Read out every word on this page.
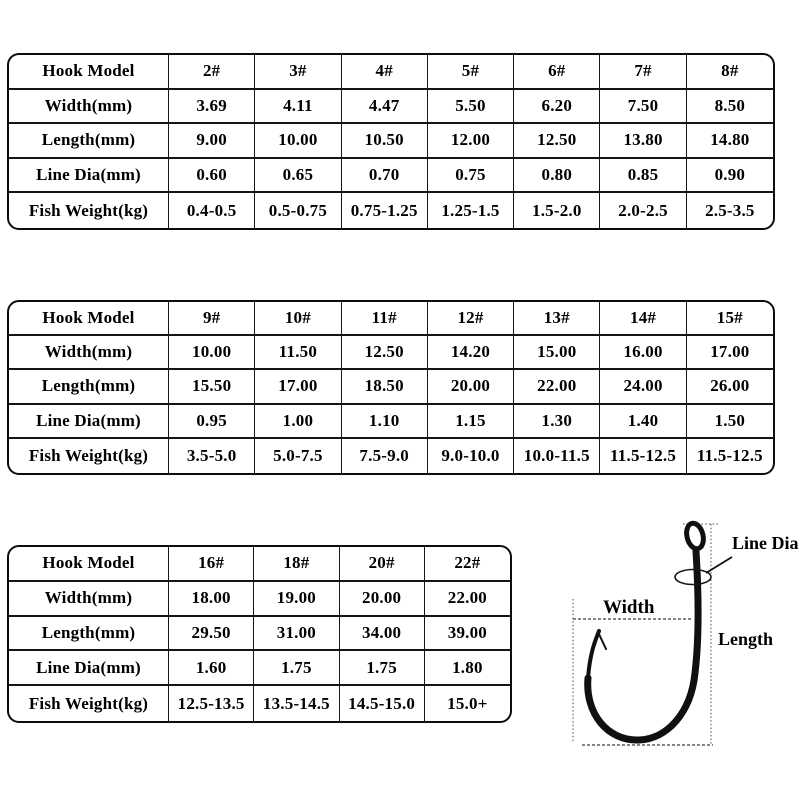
Hook Model	2#	3#	4#	5#	6#	7#	8#
Width(mm)	3.69	4.11	4.47	5.50	6.20	7.50	8.50
Length(mm)	9.00	10.00	10.50	12.00	12.50	13.80	14.80
Line Dia(mm)	0.60	0.65	0.70	0.75	0.80	0.85	0.90
Fish Weight(kg)	0.4-0.5	0.5-0.75	0.75-1.25	1.25-1.5	1.5-2.0	2.0-2.5	2.5-3.5
Hook Model	9#	10#	11#	12#	13#	14#	15#
Width(mm)	10.00	11.50	12.50	14.20	15.00	16.00	17.00
Length(mm)	15.50	17.00	18.50	20.00	22.00	24.00	26.00
Line Dia(mm)	0.95	1.00	1.10	1.15	1.30	1.40	1.50
Fish Weight(kg)	3.5-5.0	5.0-7.5	7.5-9.0	9.0-10.0	10.0-11.5	11.5-12.5	11.5-12.5
Hook Model	16#	18#	20#	22#
Width(mm)	18.00	19.00	20.00	22.00
Length(mm)	29.50	31.00	34.00	39.00
Line Dia(mm)	1.60	1.75	1.75	1.80
Fish Weight(kg)	12.5-13.5	13.5-14.5	14.5-15.0	15.0+
Line Dia
Width
Length
